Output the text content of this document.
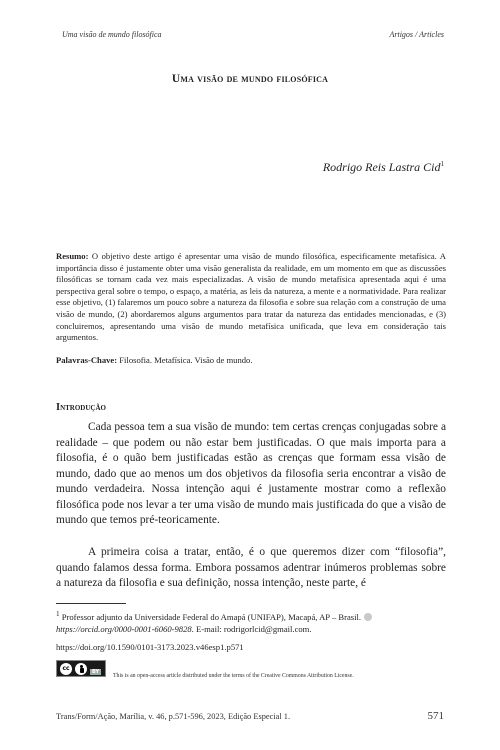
Uma visão de mundo filosófica	Artigos / Articles
Uma visão de mundo filosófica
Rodrigo Reis Lastra Cid$^1$

Resumo: O objetivo deste artigo é apresentar uma visão de mundo filosófica, especificamente metafísica. A importância disso é justamente obter uma visão generalista da realidade, em um momento em que as discussões filosóficas se tornam cada vez mais especializadas. A visão de mundo metafísica apresentada aqui é uma perspectiva geral sobre o tempo, o espaço, a matéria, as leis da natureza, a mente e a normatividade. Para realizar esse objetivo, (1) falaremos um pouco sobre a natureza da filosofia e sobre sua relação com a construção de uma visão de mundo, (2) abordaremos alguns argumentos para tratar da natureza das entidades mencionadas, e (3) concluiremos, apresentando uma visão de mundo metafísica unificada, que leva em consideração tais argumentos.

Palavras-Chave: Filosofia. Metafísica. Visão de mundo.

Introdução

Cada pessoa tem a sua visão de mundo: tem certas crenças conjugadas sobre a realidade – que podem ou não estar bem justificadas. O que mais importa para a filosofia, é o quão bem justificadas estão as crenças que formam essa visão de mundo, dado que ao menos um dos objetivos da filosofia seria encontrar a visão de mundo verdadeira. Nossa intenção aqui é justamente mostrar como a reflexão filosófica pode nos levar a ter uma visão de mundo mais justificada do que a visão de mundo que temos pré-teoricamente.

A primeira coisa a tratar, então, é o que queremos dizer com “filosofia”, quando falamos dessa forma. Embora possamos adentrar inúmeros problemas sobre a natureza da filosofia e sua definição, nossa intenção, neste parte, é

$^1$ Professor adjunto da Universidade Federal do Amapá (UNIFAP), Macapá, AP – Brasil.https://orcid.org/0000-0001-6060-9828. E-mail: rodrigorlcid@gmail.com.

https://doi.org/10.1590/0101-3173.2023.v46esp1.p571
cc	BY
This is an open-access article distributed under the terms of the Creative Commons Attribution License.
Trans/Form/Ação, Marília, v. 46, p.571-596, 2023, Edição Especial 1.	571
